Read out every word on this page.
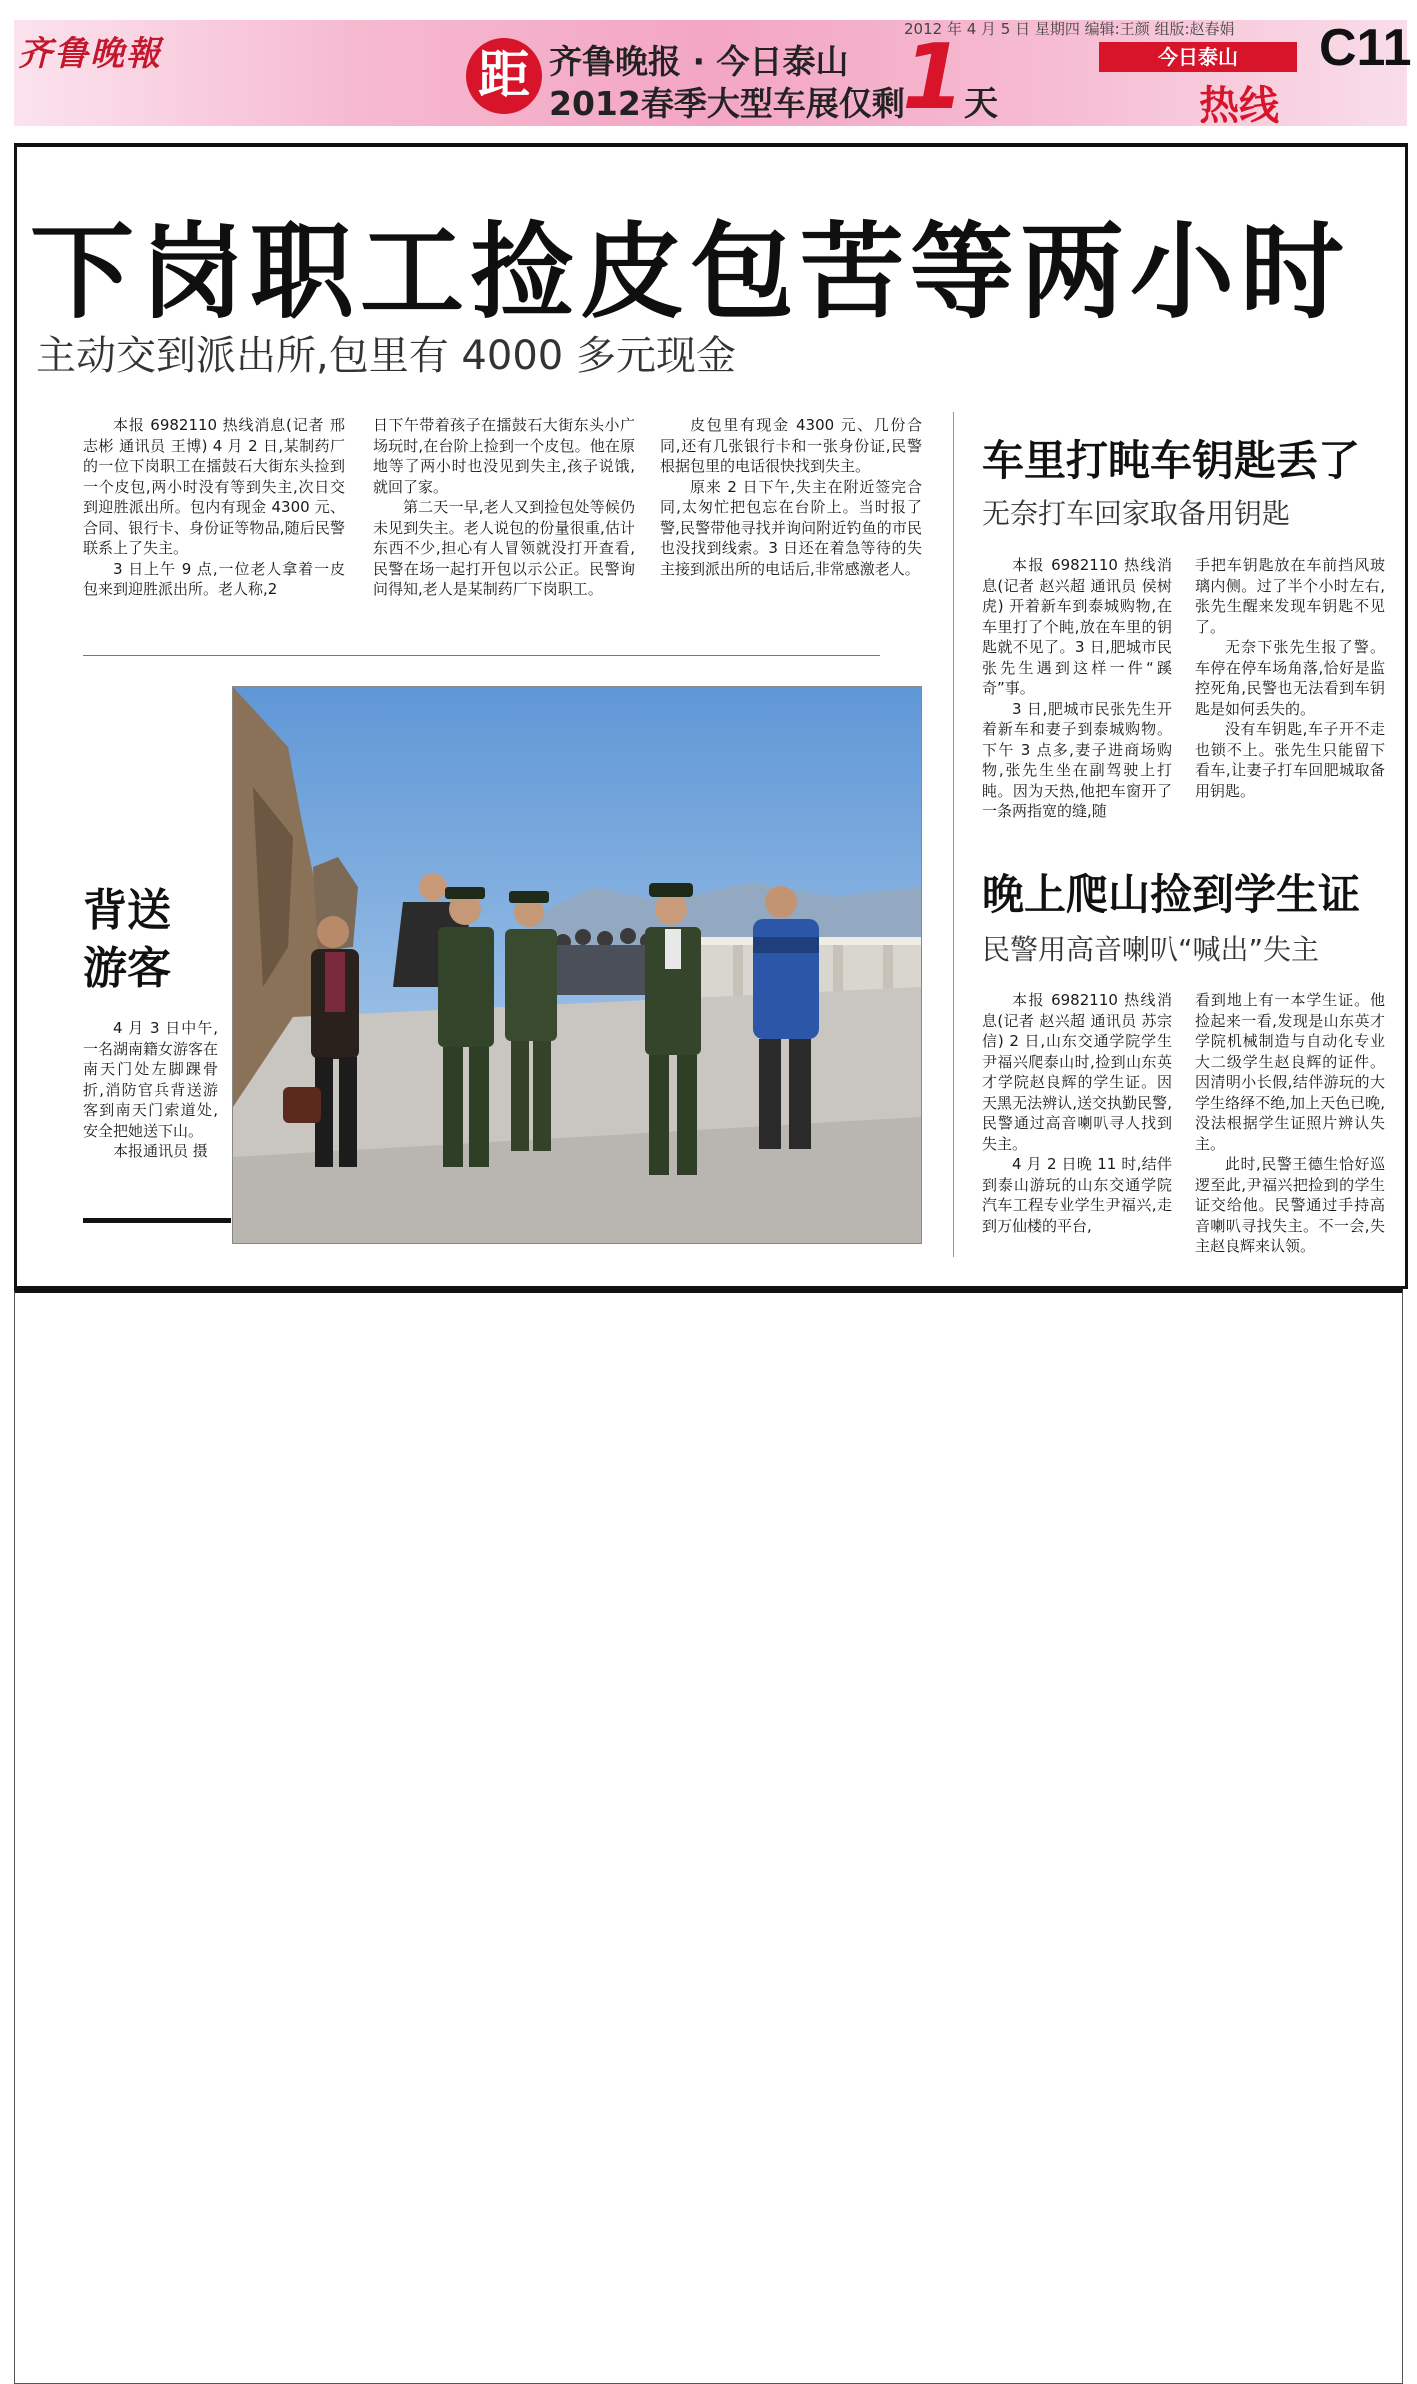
齐鲁晚報	距 齐鲁晚报 · 今日泰山
2012春季大型车展仅剩
1 天
2012 年 4 月 5 日 星期四 编辑:王颜 组版:赵春娟
今日泰山
热线
C11
下岗职工捡皮包苦等两小时
主动交到派出所,包里有 4000 多元现金

本报 6982110 热线消息(记者 邢志彬 通讯员 王博) 4 月 2 日,某制药厂的一位下岗职工在擂鼓石大街东头捡到一个皮包,两小时没有等到失主,次日交到迎胜派出所。包内有现金 4300 元、合同、银行卡、身份证等物品,随后民警联系上了失主。

3 日上午 9 点,一位老人拿着一皮包来到迎胜派出所。老人称,2

日下午带着孩子在擂鼓石大街东头小广场玩时,在台阶上捡到一个皮包。他在原地等了两小时也没见到失主,孩子说饿,就回了家。

第二天一早,老人又到捡包处等候仍未见到失主。老人说包的份量很重,估计东西不少,担心有人冒领就没打开查看,民警在场一起打开包以示公正。民警询问得知,老人是某制药厂下岗职工。

皮包里有现金 4300 元、几份合同,还有几张银行卡和一张身份证,民警根据包里的电话很快找到失主。

原来 2 日下午,失主在附近签完合同,太匆忙把包忘在台阶上。当时报了警,民警带他寻找并询问附近钓鱼的市民也没找到线索。3 日还在着急等待的失主接到派出所的电话后,非常感激老人。

背送
游客

4 月 3 日中午,一名湖南籍女游客在南天门处左脚踝骨折,消防官兵背送游客到南天门索道处,安全把她送下山。

本报通讯员 摄

车里打盹车钥匙丢了
无奈打车回家取备用钥匙

本报 6982110 热线消息(记者 赵兴超 通讯员 侯树虎) 开着新车到泰城购物,在车里打了个盹,放在车里的钥匙就不见了。3 日,肥城市民张先生遇到这样一件“蹊奇”事。

3 日,肥城市民张先生开着新车和妻子到泰城购物。下午 3 点多,妻子进商场购物,张先生坐在副驾驶上打盹。因为天热,他把车窗开了一条两指宽的缝,随

手把车钥匙放在车前挡风玻璃内侧。过了半个小时左右,张先生醒来发现车钥匙不见了。

无奈下张先生报了警。车停在停车场角落,恰好是监控死角,民警也无法看到车钥匙是如何丢失的。

没有车钥匙,车子开不走也锁不上。张先生只能留下看车,让妻子打车回肥城取备用钥匙。

晚上爬山捡到学生证
民警用高音喇叭“喊出”失主

本报 6982110 热线消息(记者 赵兴超 通讯员 苏宗信) 2 日,山东交通学院学生尹福兴爬泰山时,捡到山东英才学院赵良辉的学生证。因天黑无法辨认,送交执勤民警,民警通过高音喇叭寻人找到失主。

4 月 2 日晚 11 时,结伴到泰山游玩的山东交通学院汽车工程专业学生尹福兴,走到万仙楼的平台,

看到地上有一本学生证。他捡起来一看,发现是山东英才学院机械制造与自动化专业大二级学生赵良辉的证件。因清明小长假,结伴游玩的大学生络绎不绝,加上天色已晚,没法根据学生证照片辨认失主。

此时,民警王德生恰好巡逻至此,尹福兴把捡到的学生证交给他。民警通过手持高音喇叭寻找失主。不一会,失主赵良辉来认领。
